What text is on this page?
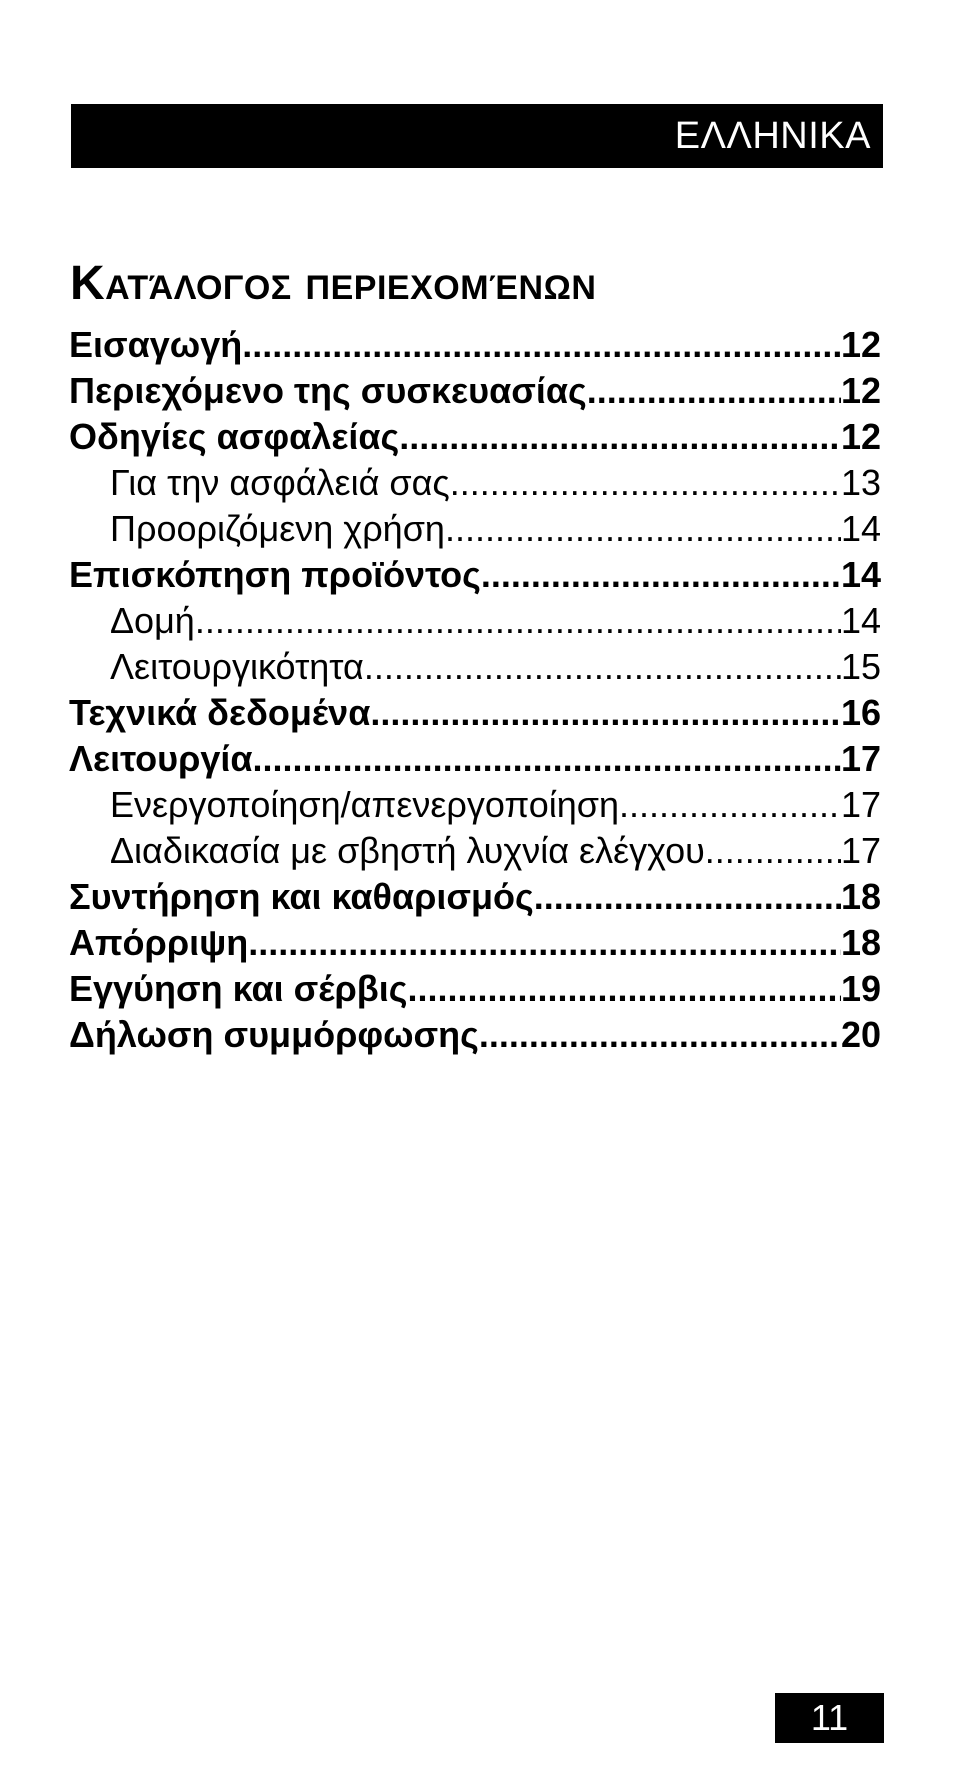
ΕΛΛΗΝΙΚΑ
Κατάλογος περιεχομένων
Εισαγωγή .....	12
Περιεχόμενο της συσκευασίας .....	12
Οδηγίες ασφαλείας .....	12
Για την ασφάλειά σας .....	13
Προοριζόμενη χρήση .....	14
Επισκόπηση προϊόντος .....	14
Δομή .....	14
Λειτουργικότητα .....	15
Τεχνικά δεδομένα .....	16
Λειτουργία .....	17
Ενεργοποίηση/απενεργοποίηση .....	17
Διαδικασία με σβηστή λυχνία ελέγχου .....	17
Συντήρηση και καθαρισμός .....	18
Απόρριψη .....	18
Εγγύηση και σέρβις .....	19
Δήλωση συμμόρφωσης .....	20
11
